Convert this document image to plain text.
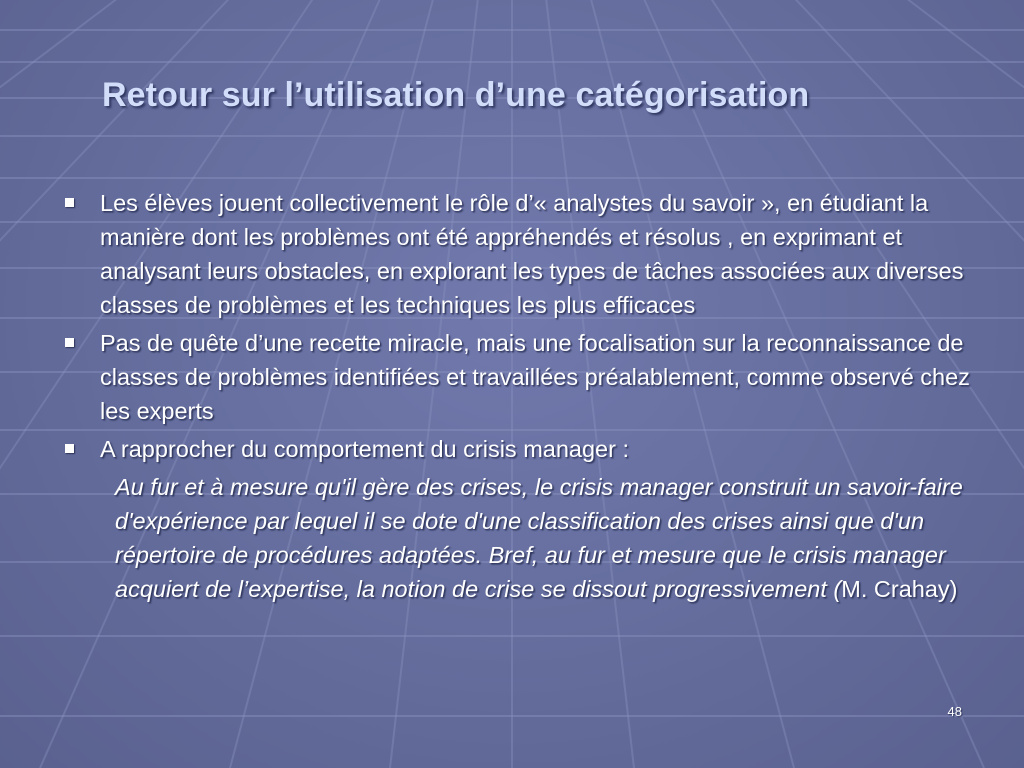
Retour sur l’utilisation d’une catégorisation
Les élèves jouent collectivement le rôle d’« analystes du savoir », en étudiant la manière dont les problèmes ont été appréhendés et résolus , en exprimant et analysant leurs obstacles, en explorant les types de tâches associées aux diverses classes de problèmes et les techniques les plus efficaces
Pas de quête d’une recette miracle, mais une focalisation sur la reconnaissance de classes de problèmes identifiées et travaillées préalablement, comme observé chez les experts
A rapprocher du comportement du crisis manager :
Au fur et à mesure qu'il gère des crises, le crisis manager construit un savoir-faire d'expérience par lequel il se dote d'une classification des crises ainsi que d'un répertoire de procédures adaptées. Bref, au fur et mesure que le crisis manager acquiert de l’expertise, la notion de crise se dissout progressivement (M. Crahay)
48
